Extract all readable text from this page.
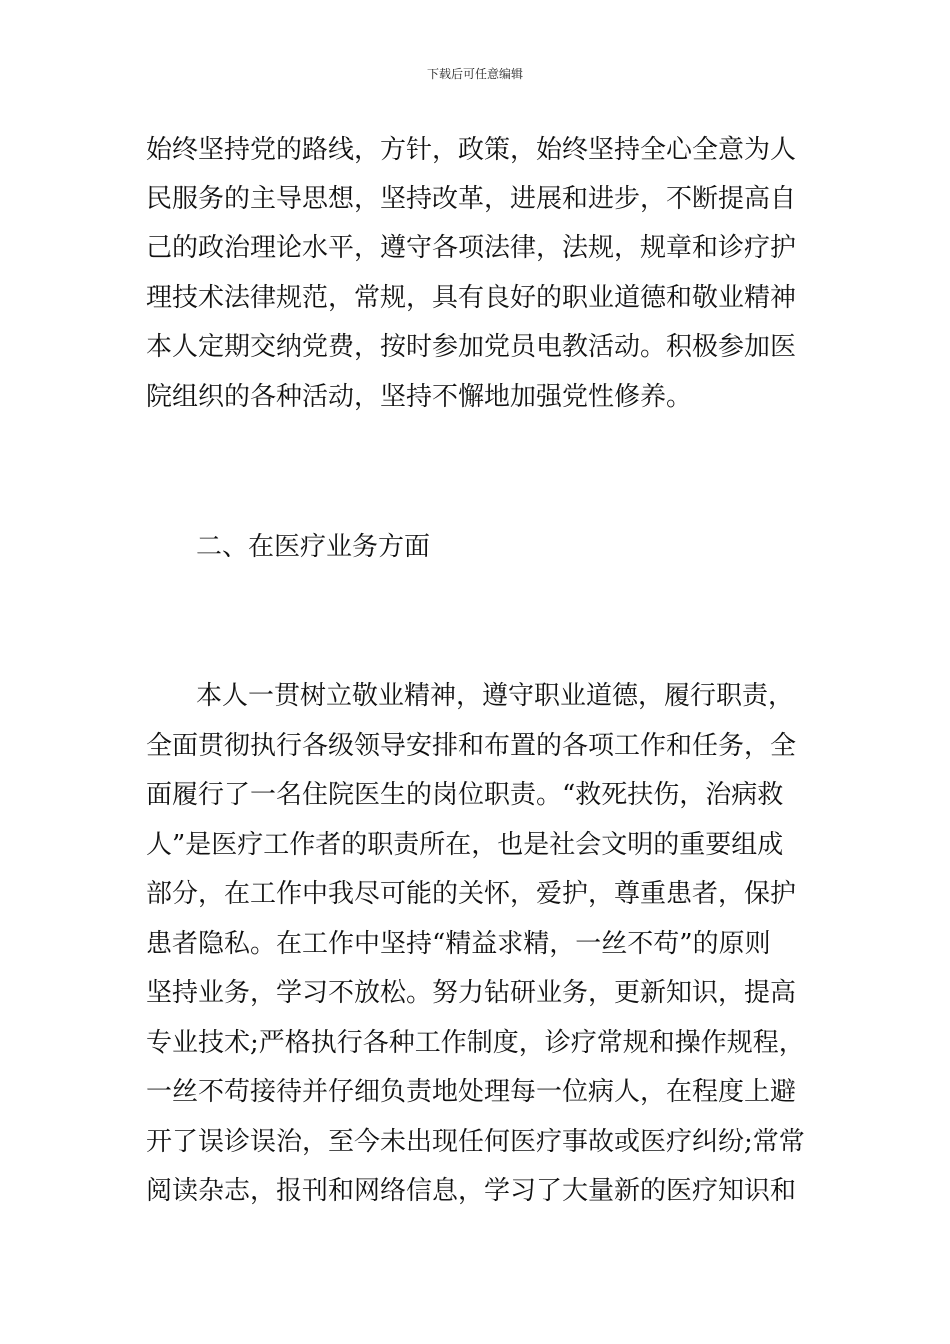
下载后可任意编辑
始终坚持党的路线，方针，政策，始终坚持全心全意为人
民服务的主导思想，坚持改革，进展和进步，不断提高自
己的政治理论水平，遵守各项法律，法规，规章和诊疗护
理技术法律规范，常规，具有良好的职业道德和敬业精神
本人定期交纳党费，按时参加党员电教活动。积极参加医
院组织的各种活动，坚持不懈地加强党性修养。
二、在医疗业务方面
本人一贯树立敬业精神，遵守职业道德，履行职责，
全面贯彻执行各级领导安排和布置的各项工作和任务，全
面履行了一名住院医生的岗位职责。“救死扶伤，治病救
人”是医疗工作者的职责所在，也是社会文明的重要组成
部分，在工作中我尽可能的关怀，爱护，尊重患者，保护
患者隐私。在工作中坚持“精益求精，一丝不苟”的原则
坚持业务，学习不放松。努力钻研业务，更新知识，提高
专业技术;严格执行各种工作制度，诊疗常规和操作规程，
一丝不苟接待并仔细负责地处理每一位病人，在程度上避
开了误诊误治，至今未出现任何医疗事故或医疗纠纷;常常
阅读杂志，报刊和网络信息，学习了大量新的医疗知识和
